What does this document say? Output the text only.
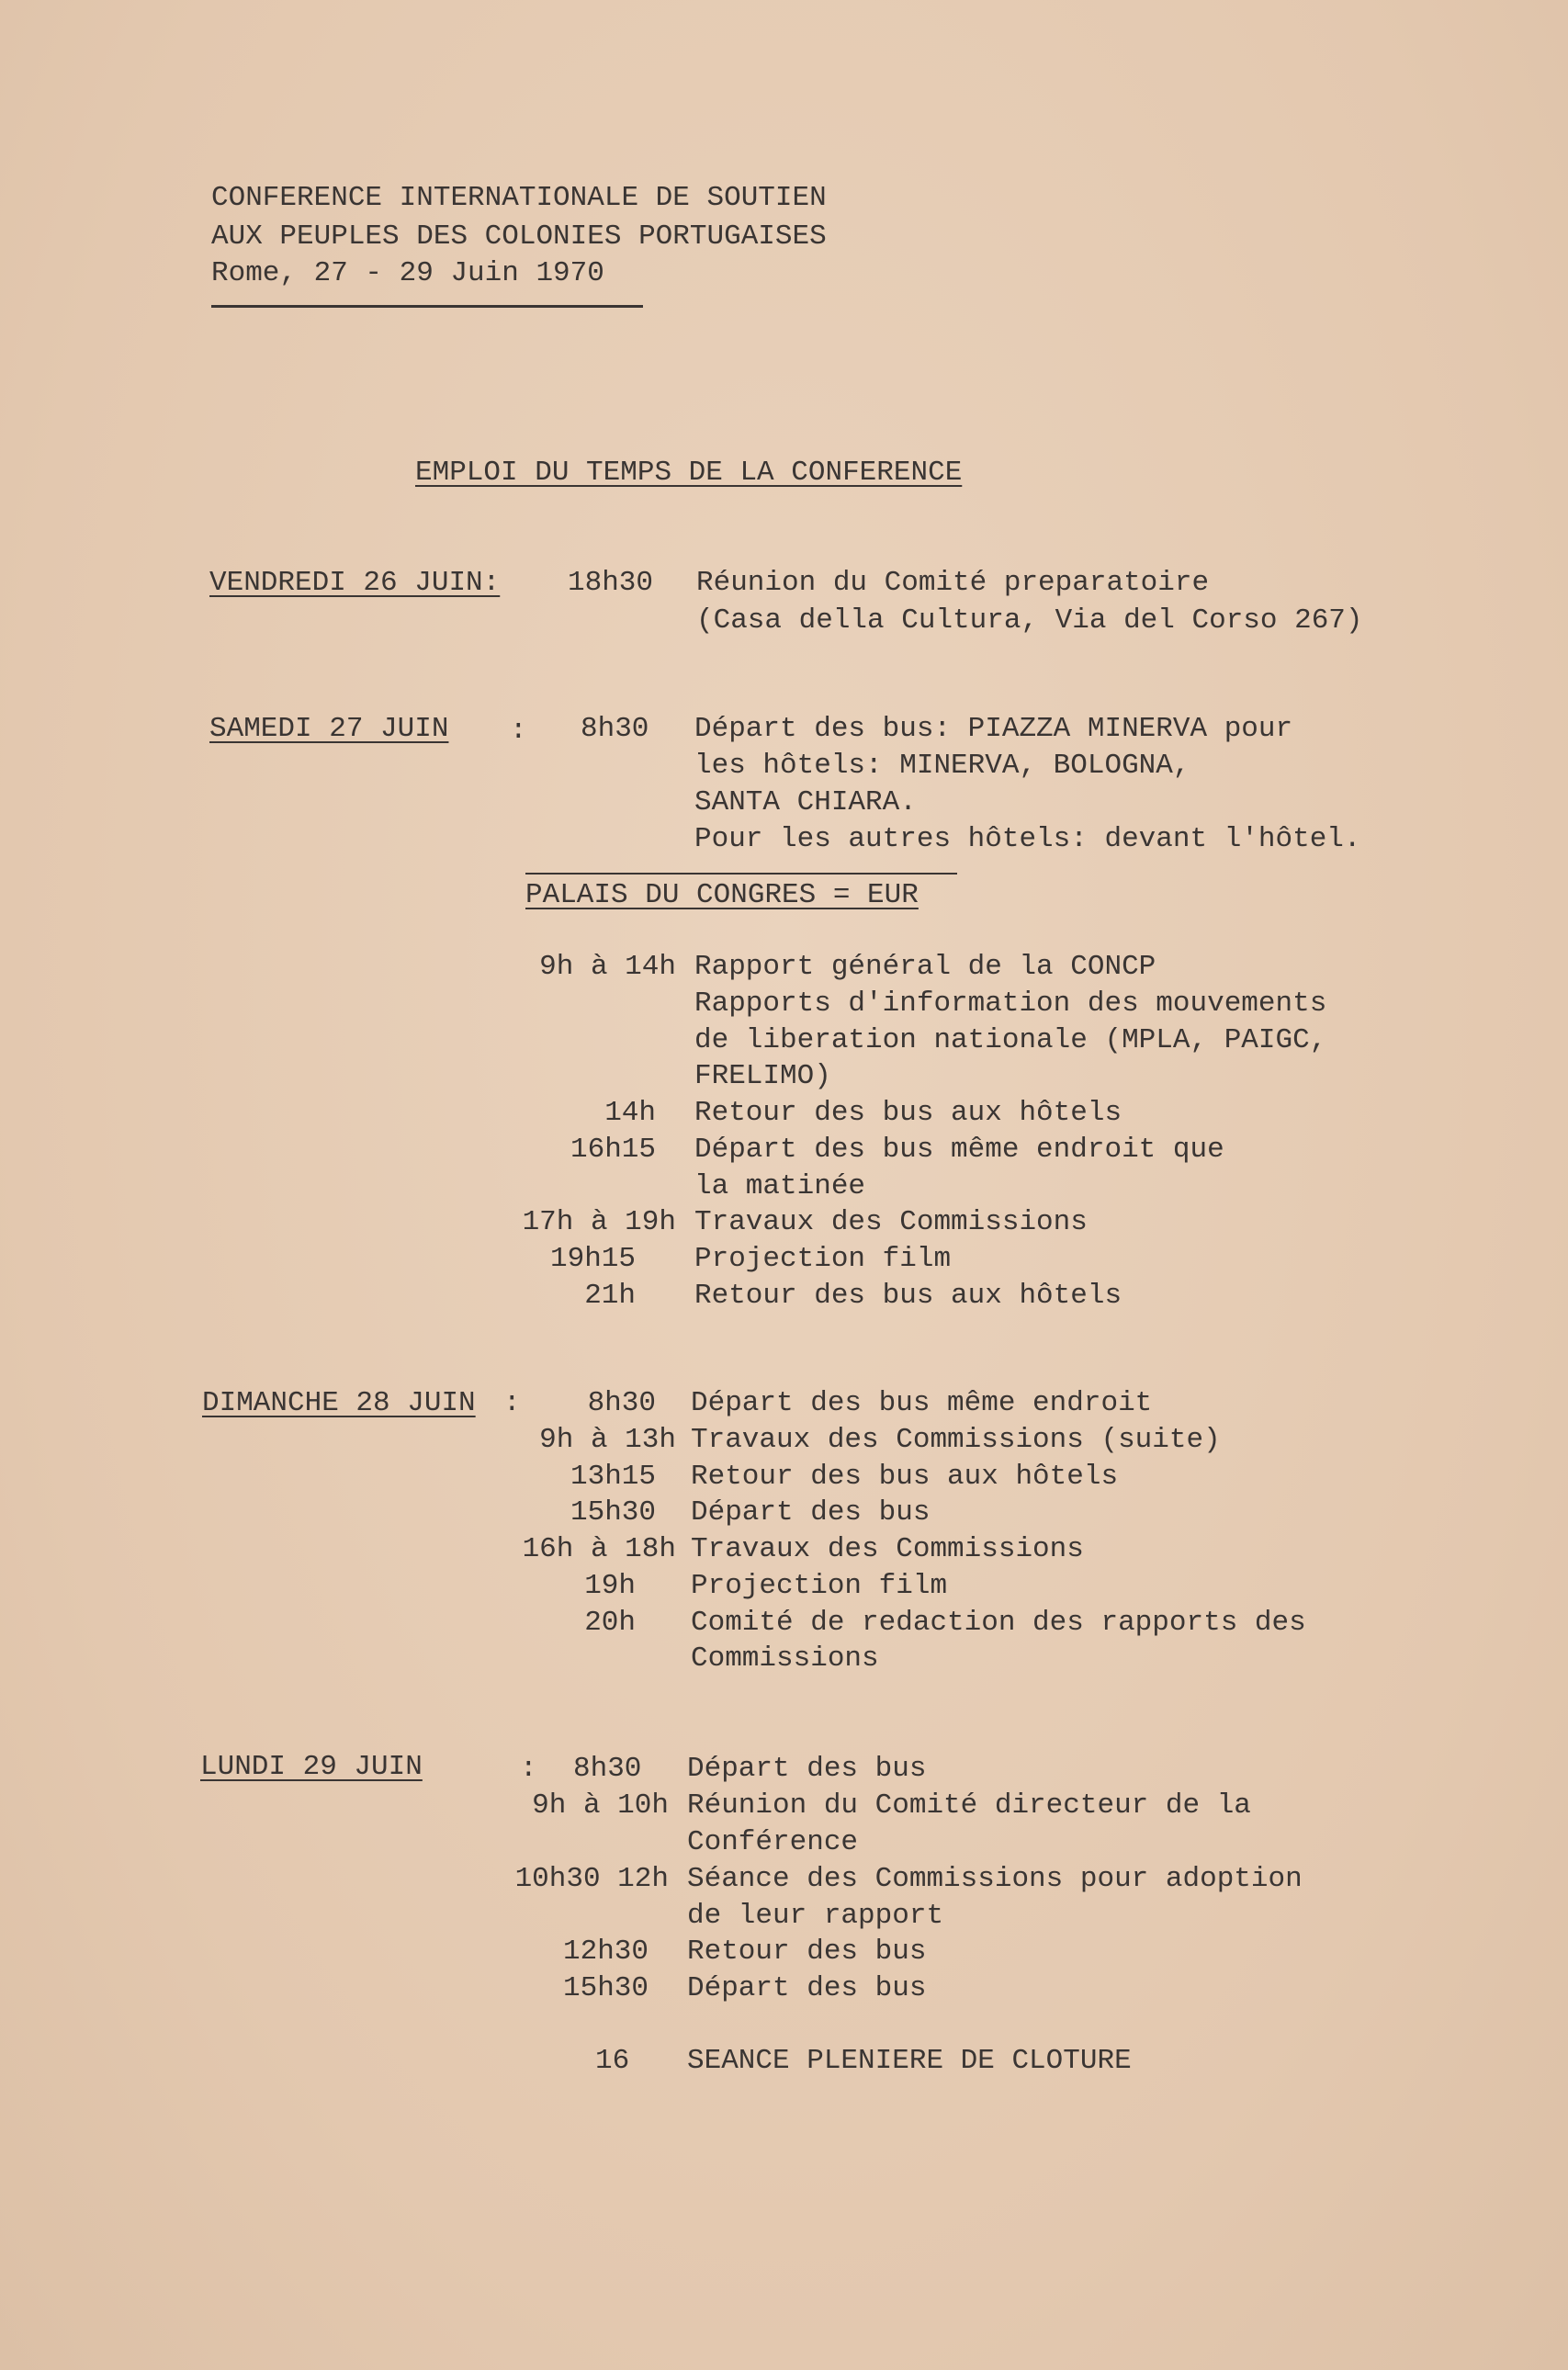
CONFERENCE INTERNATIONALE DE SOUTIEN
AUX PEUPLES DES COLONIES PORTUGAISES
Rome, 27 - 29 Juin 1970
EMPLOI DU TEMPS DE LA CONFERENCE
VENDREDI 26 JUIN: 18h30 Réunion du Comité preparatoire
(Casa della Cultura, Via del Corso 267)
SAMEDI 27 JUIN : 8h30 Départ des bus: PIAZZA MINERVA pour
les hôtels: MINERVA, BOLOGNA,
SANTA CHIARA.
Pour les autres hôtels: devant l'hôtel.
PALAIS DU CONGRES = EUR
9h à 14h Rapport général de la CONCP
Rapports d'information des mouvements
de liberation nationale (MPLA, PAIGC,
FRELIMO)
14h Retour des bus aux hôtels
16h15 Départ des bus même endroit que
la matinée
17h à 19h Travaux des Commissions
19h15 Projection film
21h Retour des bus aux hôtels
DIMANCHE 28 JUIN :	8h30 Départ des bus même endroit
9h à 13h Travaux des Commissions (suite)
13h15 Retour des bus aux hôtels
15h30 Départ des bus
16h à 18h Travaux des Commissions
19h Projection film
20h Comité de redaction des rapports des
Commissions
LUNDI 29 JUIN	: 8h30 Départ des bus
9h à 10h Réunion du Comité directeur de la
Conférence
10h30 12h Séance des Commissions pour adoption
de leur rapport
12h30 Retour des bus
15h30 Départ des bus
16 SEANCE PLENIERE DE CLOTURE
